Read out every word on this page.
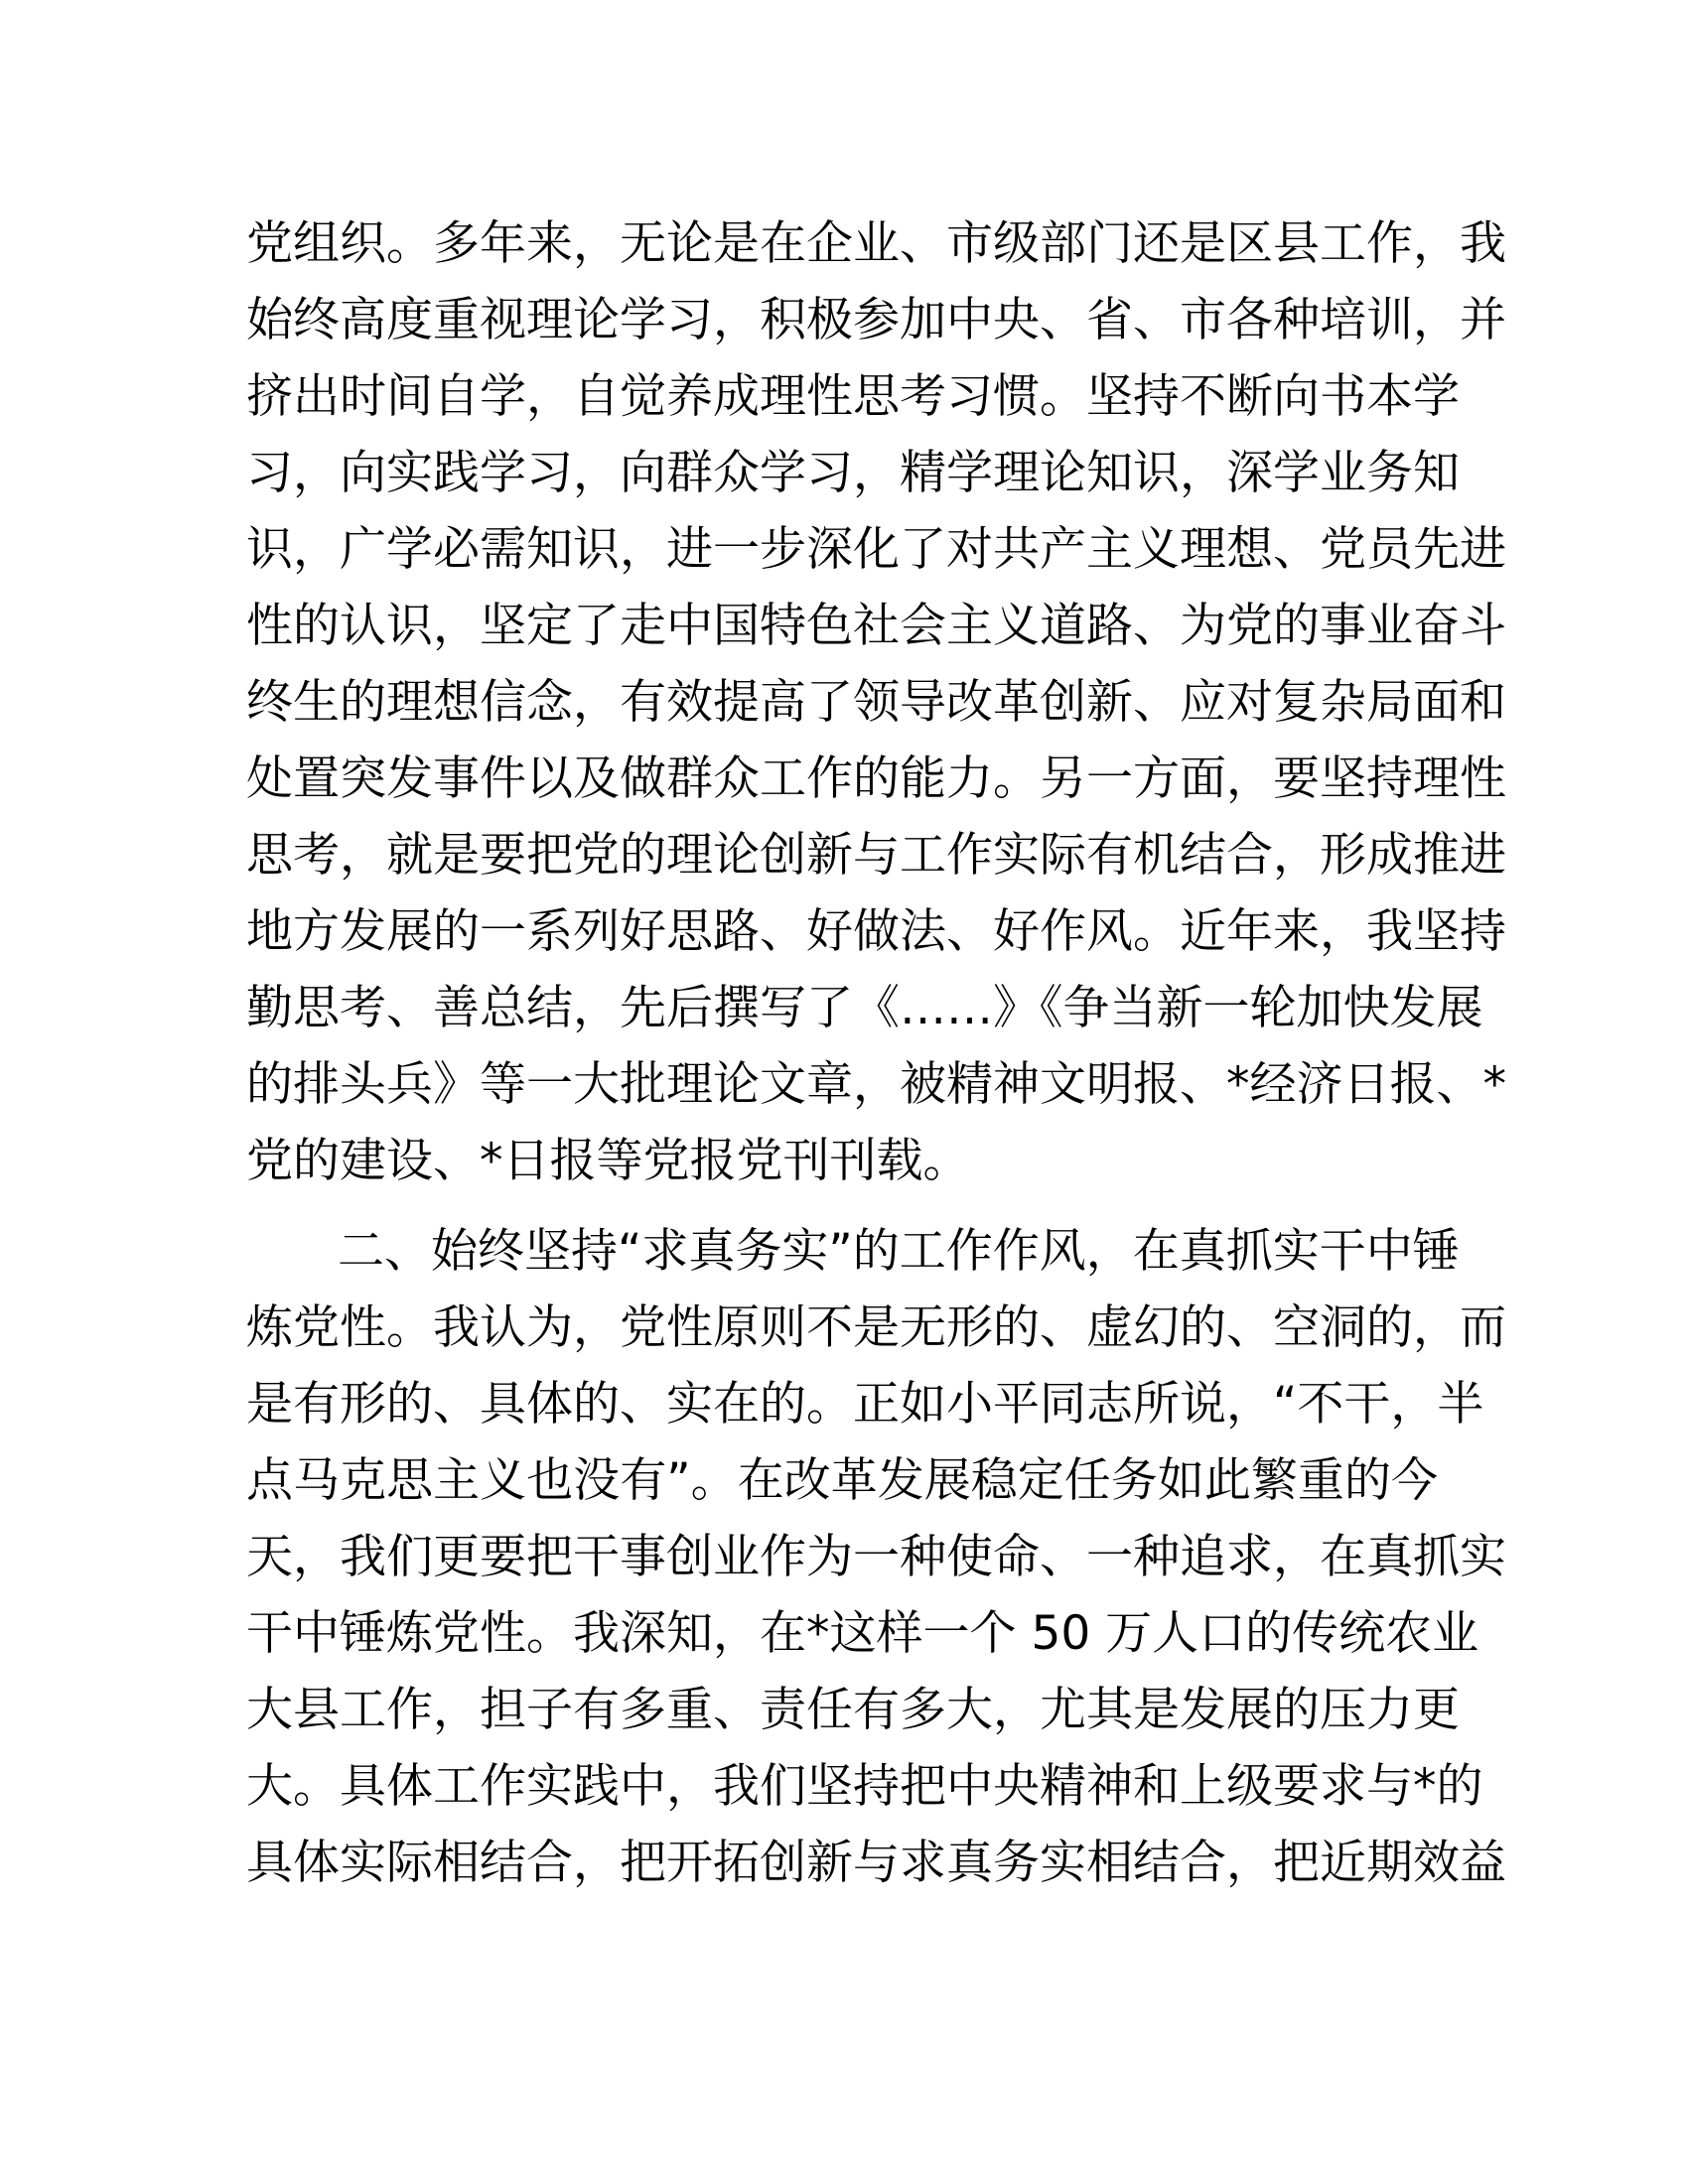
党组织。多年来，无论是在企业、市级部门还是区县工作，我
始终高度重视理论学习，积极参加中央、省、市各种培训，并
挤出时间自学，自觉养成理性思考习惯。坚持不断向书本学
习，向实践学习，向群众学习，精学理论知识，深学业务知
识，广学必需知识，进一步深化了对共产主义理想、党员先进
性的认识，坚定了走中国特色社会主义道路、为党的事业奋斗
终生的理想信念，有效提高了领导改革创新、应对复杂局面和
处置突发事件以及做群众工作的能力。另一方面，要坚持理性
思考，就是要把党的理论创新与工作实际有机结合，形成推进
地方发展的一系列好思路、好做法、好作风。近年来，我坚持
勤思考、善总结，先后撰写了《……》《争当新一轮加快发展
的排头兵》等一大批理论文章，被精神文明报、*经济日报、*
党的建设、*日报等党报党刊刊载。
二、始终坚持“求真务实”的工作作风，在真抓实干中锤
炼党性。我认为，党性原则不是无形的、虚幻的、空洞的，而
是有形的、具体的、实在的。正如小平同志所说，“不干，半
点马克思主义也没有”。在改革发展稳定任务如此繁重的今
天，我们更要把干事创业作为一种使命、一种追求，在真抓实
干中锤炼党性。我深知，在*这样一个 50 万人口的传统农业
大县工作，担子有多重、责任有多大，尤其是发展的压力更
大。具体工作实践中，我们坚持把中央精神和上级要求与*的
具体实际相结合，把开拓创新与求真务实相结合，把近期效益
